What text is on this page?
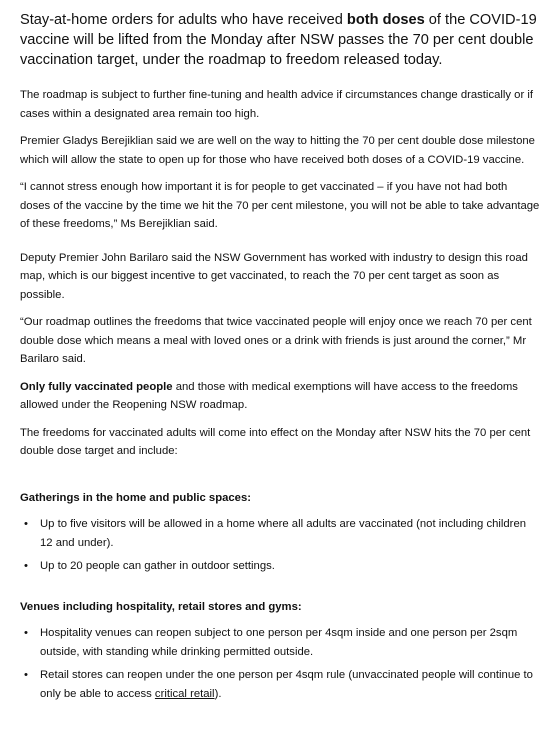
Stay-at-home orders for adults who have received both doses of the COVID-19 vaccine will be lifted from the Monday after NSW passes the 70 per cent double vaccination target, under the roadmap to freedom released today.

The roadmap is subject to further fine-tuning and health advice if circumstances change drastically or if cases within a designated area remain too high.

Premier Gladys Berejiklian said we are well on the way to hitting the 70 per cent double dose milestone which will allow the state to open up for those who have received both doses of a COVID-19 vaccine.

“I cannot stress enough how important it is for people to get vaccinated – if you have not had both doses of the vaccine by the time we hit the 70 per cent milestone, you will not be able to take advantage of these freedoms,” Ms Berejiklian said.

Deputy Premier John Barilaro said the NSW Government has worked with industry to design this road map, which is our biggest incentive to get vaccinated, to reach the 70 per cent target as soon as possible.

“Our roadmap outlines the freedoms that twice vaccinated people will enjoy once we reach 70 per cent double dose which means a meal with loved ones or a drink with friends is just around the corner,” Mr Barilaro said.

Only fully vaccinated people and those with medical exemptions will have access to the freedoms allowed under the Reopening NSW roadmap.

The freedoms for vaccinated adults will come into effect on the Monday after NSW hits the 70 per cent double dose target and include:

Gatherings in the home and public spaces:

• Up to five visitors will be allowed in a home where all adults are vaccinated (not including children 12 and under).
• Up to 20 people can gather in outdoor settings.

Venues including hospitality, retail stores and gyms:

• Hospitality venues can reopen subject to one person per 4sqm inside and one person per 2sqm outside, with standing while drinking permitted outside.
• Retail stores can reopen under the one person per 4sqm rule (unvaccinated people will continue to only be able to access critical retail).
